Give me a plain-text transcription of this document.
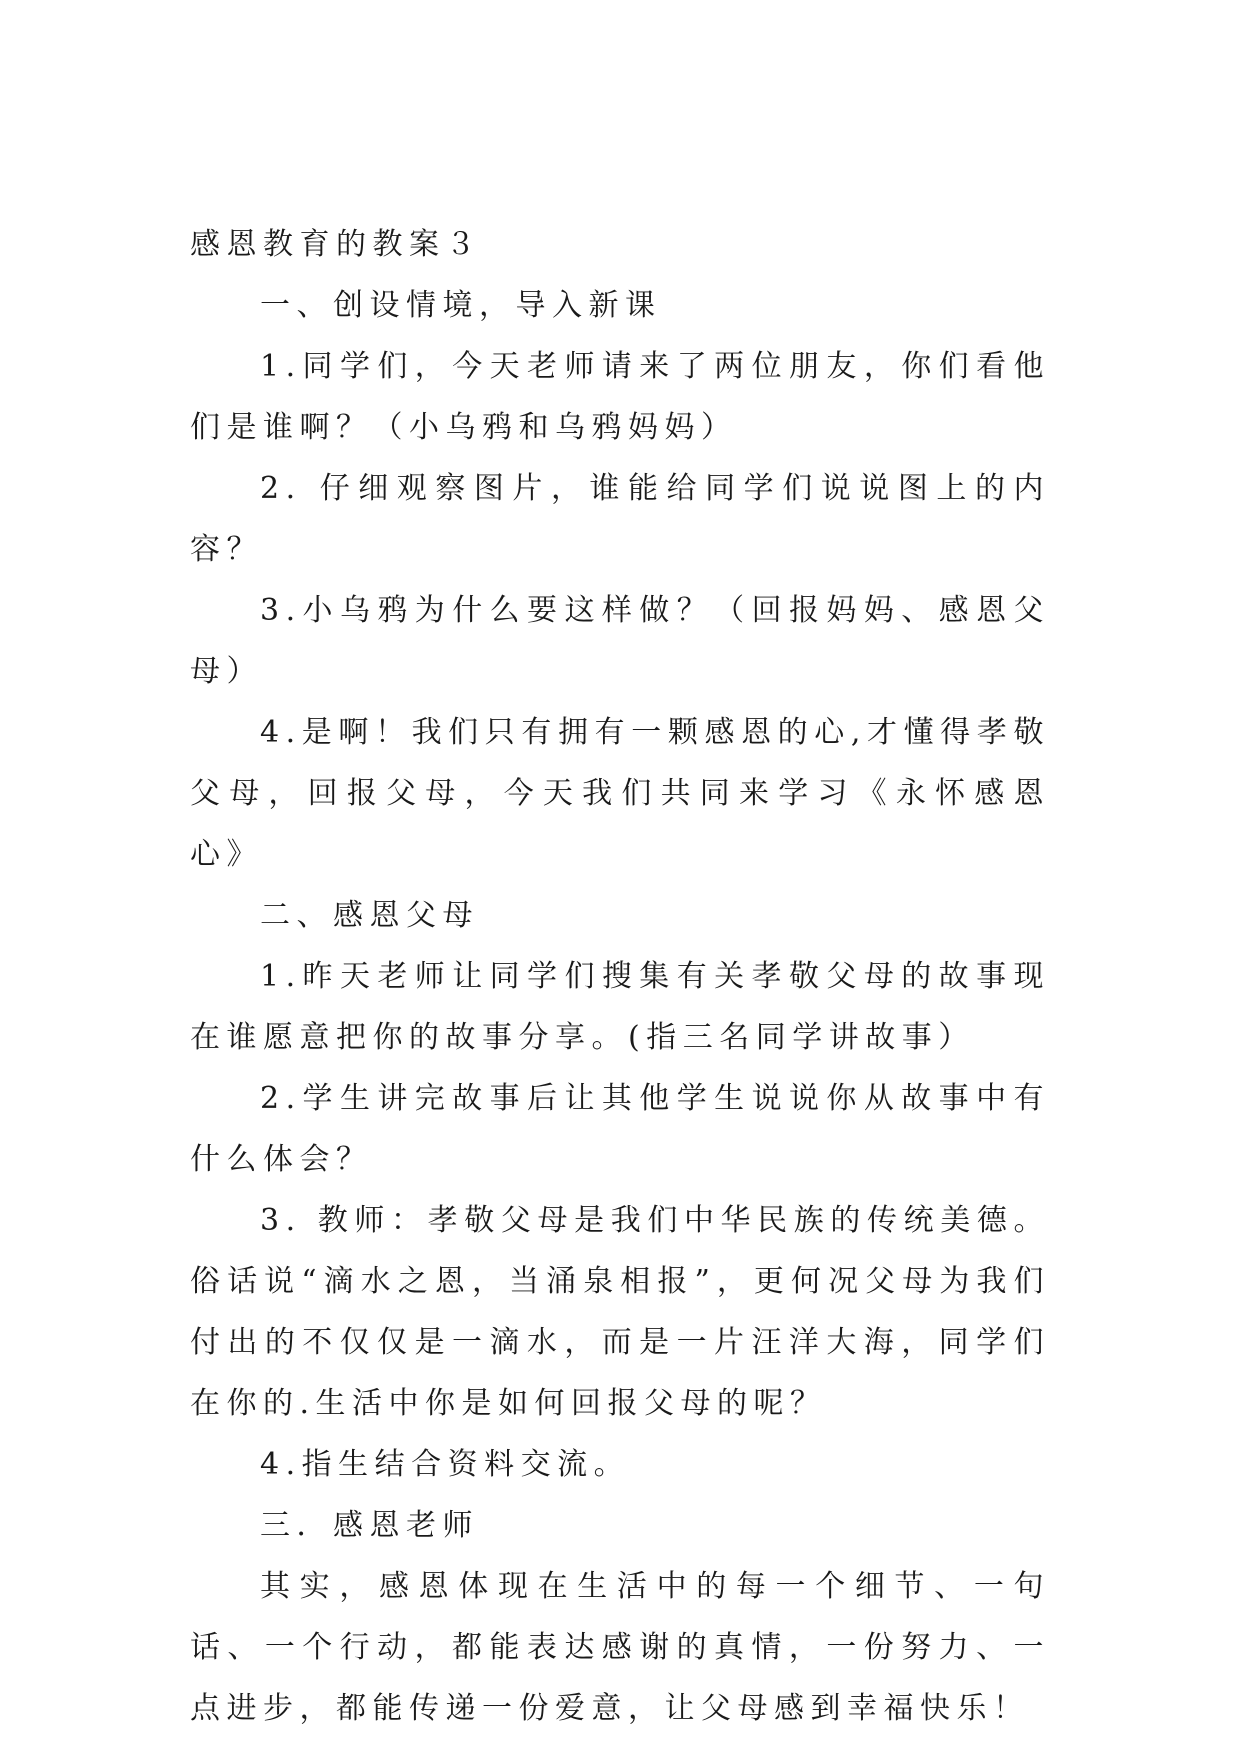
感恩教育的教案３

一、创设情境，导入新课

1.同学们，今天老师请来了两位朋友，你们看他们是谁啊？（小乌鸦和乌鸦妈妈）

2. 仔细观察图片，谁能给同学们说说图上的内容？

3.小乌鸦为什么要这样做？（回报妈妈、感恩父母）

4.是啊！我们只有拥有一颗感恩的心,才懂得孝敬父母，回报父母，今天我们共同来学习《永怀感恩心》

二、感恩父母

1.昨天老师让同学们搜集有关孝敬父母的故事现在谁愿意把你的故事分享。(指三名同学讲故事）

2.学生讲完故事后让其他学生说说你从故事中有什么体会？

3. 教师：孝敬父母是我们中华民族的传统美德。俗话说“滴水之恩，当涌泉相报”，更何况父母为我们付出的不仅仅是一滴水，而是一片汪洋大海，同学们在你的.生活中你是如何回报父母的呢？

4.指生结合资料交流。

三．感恩老师

其实，感恩体现在生活中的每一个细节、一句话、一个行动，都能表达感谢的真情，一份努力、一点进步，都能传递一份爱意，让父母感到幸福快乐！
